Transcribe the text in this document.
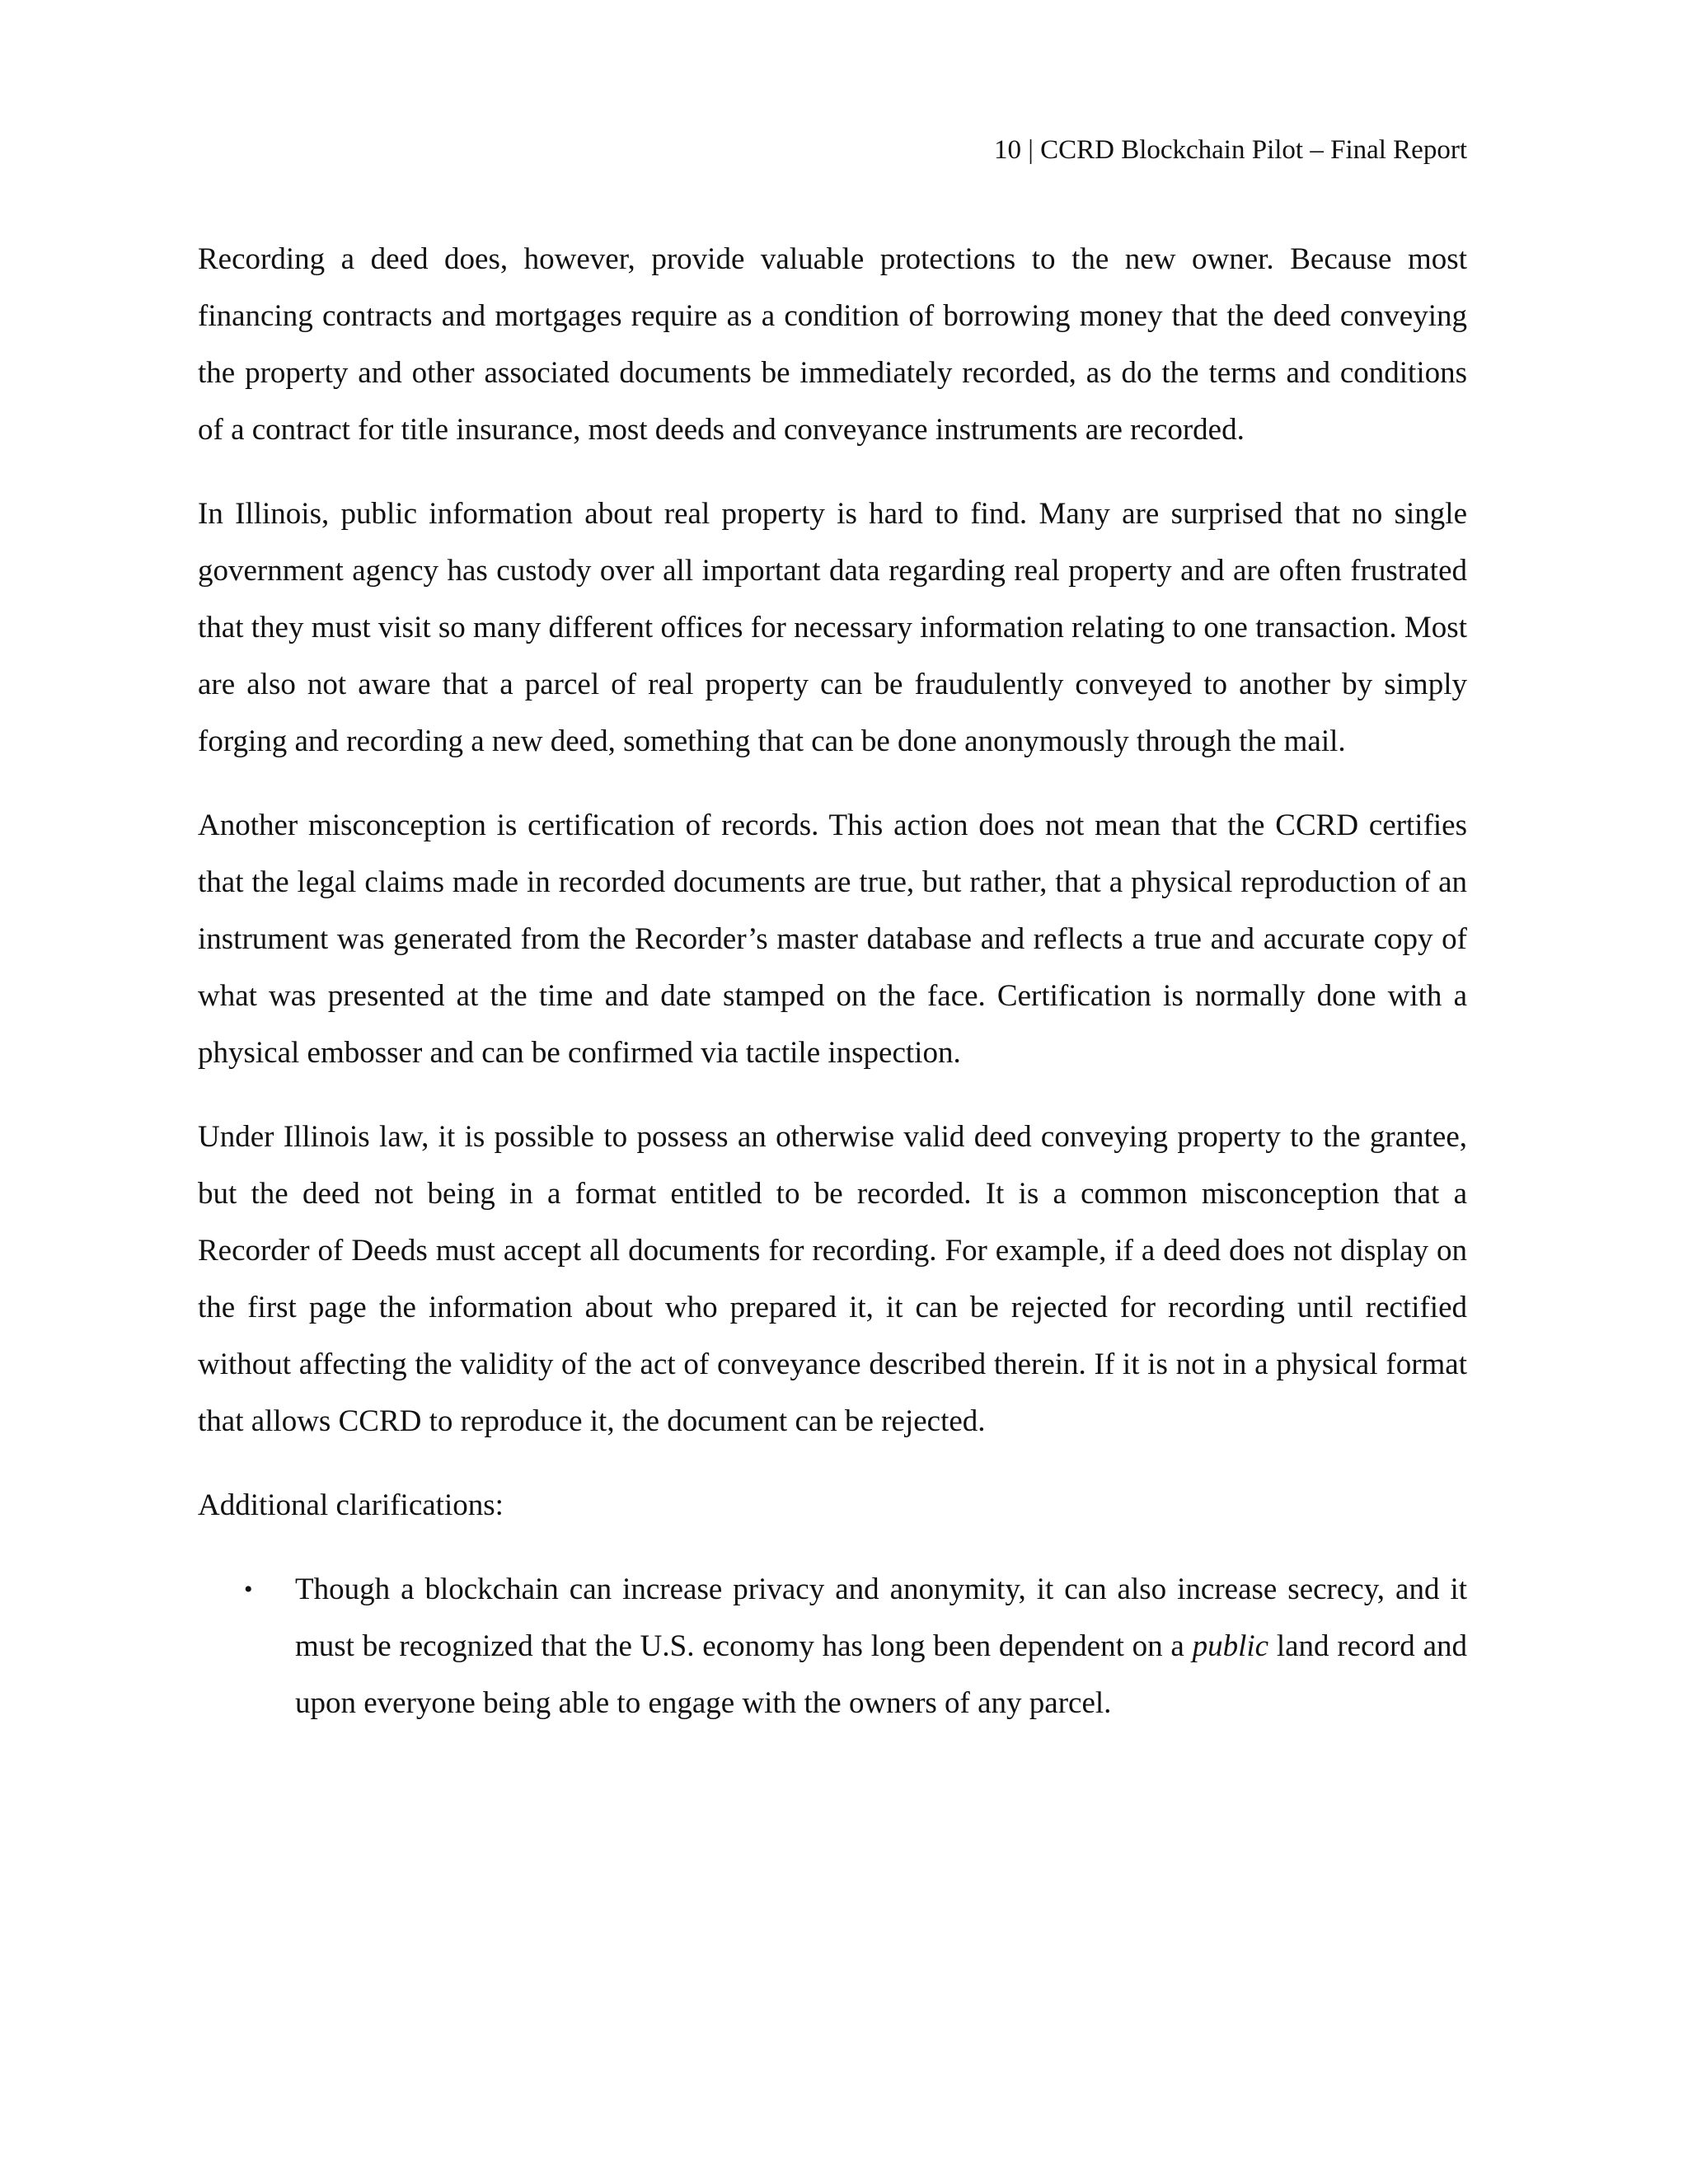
10 | CCRD Blockchain Pilot – Final Report

Recording a deed does, however, provide valuable protections to the new owner. Because most financing contracts and mortgages require as a condition of borrowing money that the deed conveying the property and other associated documents be immediately recorded, as do the terms and conditions of a contract for title insurance, most deeds and conveyance instruments are recorded.

In Illinois, public information about real property is hard to find. Many are surprised that no single government agency has custody over all important data regarding real property and are often frustrated that they must visit so many different offices for necessary information relating to one transaction. Most are also not aware that a parcel of real property can be fraudulently conveyed to another by simply forging and recording a new deed, something that can be done anonymously through the mail.

Another misconception is certification of records. This action does not mean that the CCRD certifies that the legal claims made in recorded documents are true, but rather, that a physical reproduction of an instrument was generated from the Recorder’s master database and reflects a true and accurate copy of what was presented at the time and date stamped on the face. Certification is normally done with a physical embosser and can be confirmed via tactile inspection.

Under Illinois law, it is possible to possess an otherwise valid deed conveying property to the grantee, but the deed not being in a format entitled to be recorded. It is a common misconception that a Recorder of Deeds must accept all documents for recording. For example, if a deed does not display on the first page the information about who prepared it, it can be rejected for recording until rectified without affecting the validity of the act of conveyance described therein. If it is not in a physical format that allows CCRD to reproduce it, the document can be rejected.

Additional clarifications:

• Though a blockchain can increase privacy and anonymity, it can also increase secrecy, and it must be recognized that the U.S. economy has long been dependent on a public land record and upon everyone being able to engage with the owners of any parcel.
